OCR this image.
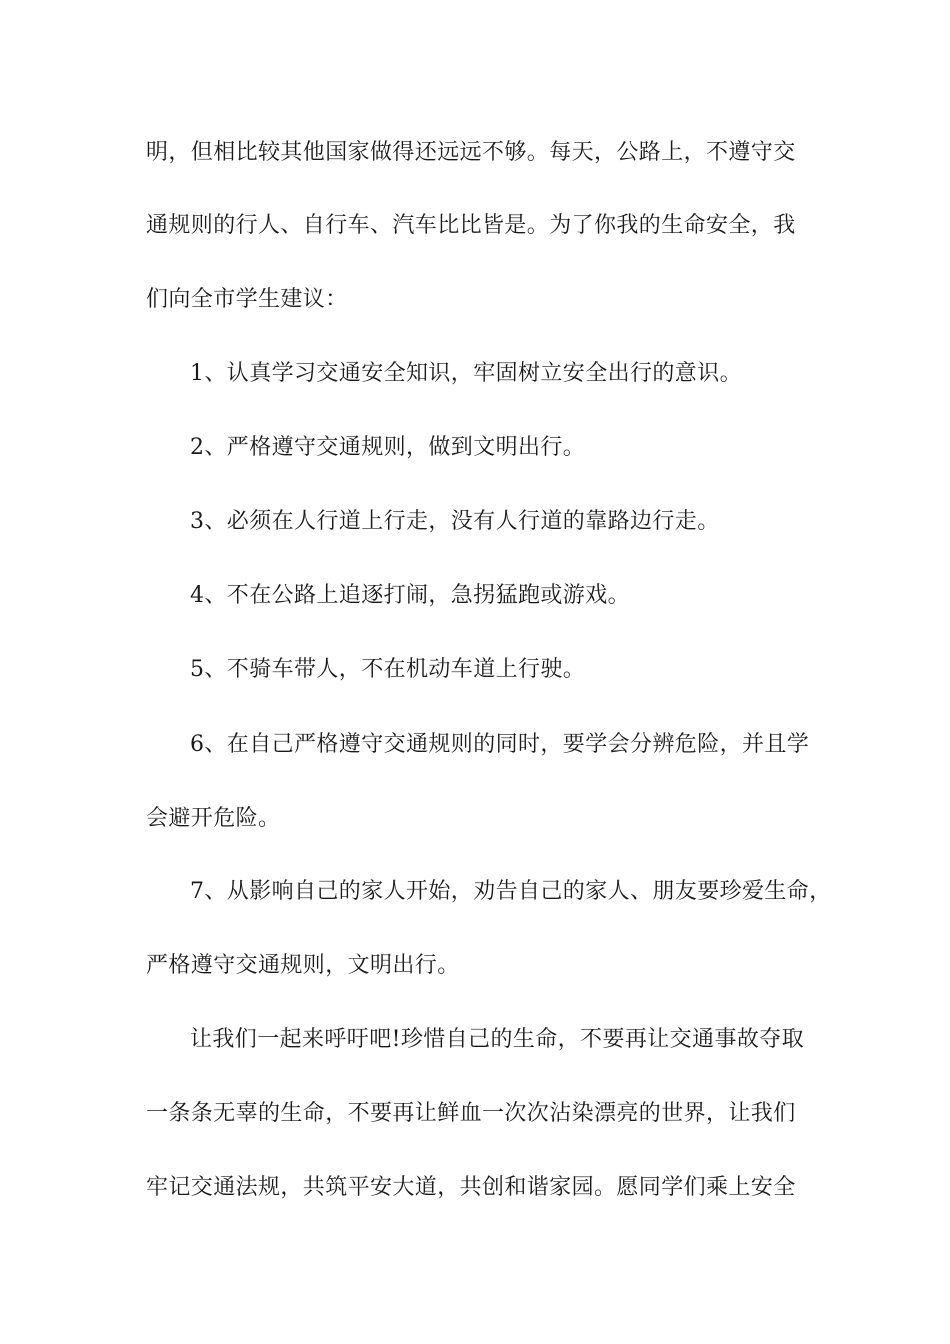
明，但相比较其他国家做得还远远不够。每天，公路上，不遵守交
通规则的行人、自行车、汽车比比皆是。为了你我的生命安全，我
们向全市学生建议：
1、认真学习交通安全知识，牢固树立安全出行的意识。
2、严格遵守交通规则，做到文明出行。
3、必须在人行道上行走，没有人行道的靠路边行走。
4、不在公路上追逐打闹，急拐猛跑或游戏。
5、不骑车带人，不在机动车道上行驶。
6、在自己严格遵守交通规则的同时，要学会分辨危险，并且学
会避开危险。
7、从影响自己的家人开始，劝告自己的家人、朋友要珍爱生命，
严格遵守交通规则，文明出行。
让我们一起来呼吁吧!珍惜自己的生命，不要再让交通事故夺取
一条条无辜的生命，不要再让鲜血一次次沾染漂亮的世界，让我们
牢记交通法规，共筑平安大道，共创和谐家园。愿同学们乘上安全
